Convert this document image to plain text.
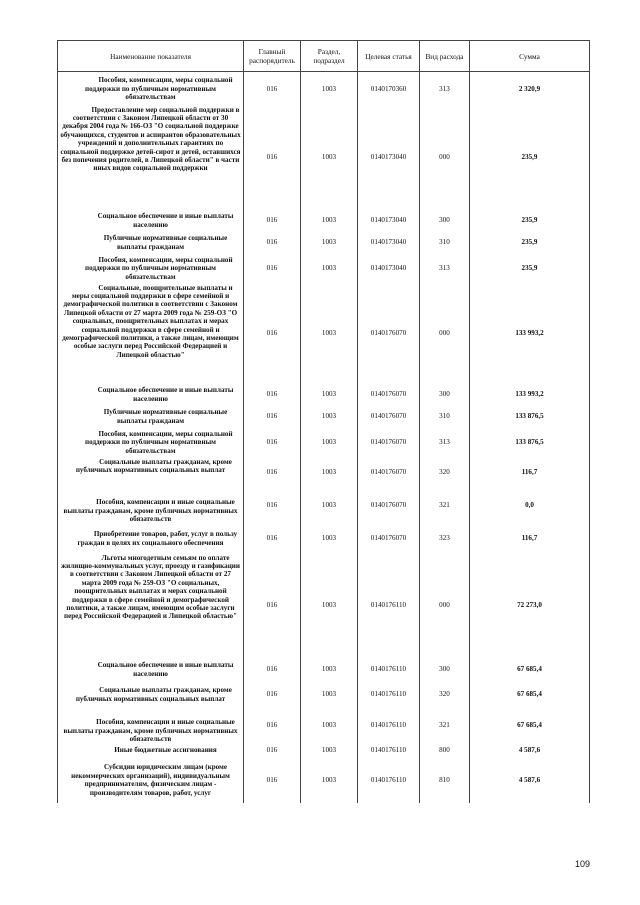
Наименование показателя	Главный распорядитель	Раздел, подраздел	Целевая статья	Вид расхода	Сумма
Пособия, компенсации, меры социальной поддержки по публичным нормативным обязательствам	016	1003	0140170360	313	2 320,9
Предоставление мер социальной поддержки в соответствии с Законом Липецкой области от 30 декабря 2004 года № 166-ОЗ "О социальной поддержке обучающихся, студентов и аспирантов образовательных учреждений и дополнительных гарантиях по социальной поддержке детей-сирот и детей, оставшихся без попечения родителей, в Липецкой области" в части иных видов социальной поддержки	016	1003	0140173040	000	235,9
Социальное обеспечение и иные выплаты населению	016	1003	0140173040	300	235,9
Публичные нормативные социальные выплаты гражданам	016	1003	0140173040	310	235,9
Пособия, компенсации, меры социальной поддержки по публичным нормативным обязательствам	016	1003	0140173040	313	235,9
Социальные, поощрительные выплаты и меры социальной поддержки в сфере семейной и демографической политики в соответствии с Законом Липецкой области от 27 марта 2009 года № 259-ОЗ "О социальных, поощрительных выплатах и мерах социальной поддержки в сфере семейной и демографической политики, а также лицам, имеющим особые заслуги перед Российской Федерацией и Липецкой областью"	016	1003	0140176070	000	133 993,2
Социальное обеспечение и иные выплаты населению	016	1003	0140176070	300	133 993,2
Публичные нормативные социальные выплаты гражданам	016	1003	0140176070	310	133 876,5
Пособия, компенсации, меры социальной поддержки по публичным нормативным обязательствам	016	1003	0140176070	313	133 876,5
Социальные выплаты гражданам, кроме публичных нормативных социальных выплат	016	1003	0140176070	320	116,7
Пособия, компенсации и иные социальные выплаты гражданам, кроме публичных нормативных обязательств	016	1003	0140176070	321	0,0
Приобретение товаров, работ, услуг в пользу граждан в целях их социального обеспечения	016	1003	0140176070	323	116,7
Льготы многодетным семьям по оплате жилищно-коммунальных услуг, проезду и газификации в соответствии с Законом Липецкой области от 27 марта 2009 года № 259-ОЗ "О социальных, поощрительных выплатах и мерах социальной поддержки в сфере семейной и демографической политики, а также лицам, имеющим особые заслуги перед Российской Федерацией и Липецкой областью"	016	1003	0140176110	000	72 273,0
Социальное обеспечение и иные выплаты населению	016	1003	0140176110	300	67 685,4
Социальные выплаты гражданам, кроме публичных нормативных социальных выплат	016	1003	0140176110	320	67 685,4
Пособия, компенсации и иные социальные выплаты гражданам, кроме публичных нормативных обязательств	016	1003	0140176110	321	67 685,4
Иные бюджетные ассигнования	016	1003	0140176110	800	4 587,6
Субсидии юридическим лицам (кроме некоммерческих организаций), индивидуальным предпринимателям, физическим лицам - производителям товаров, работ, услуг	016	1003	0140176110	810	4 587,6
109
